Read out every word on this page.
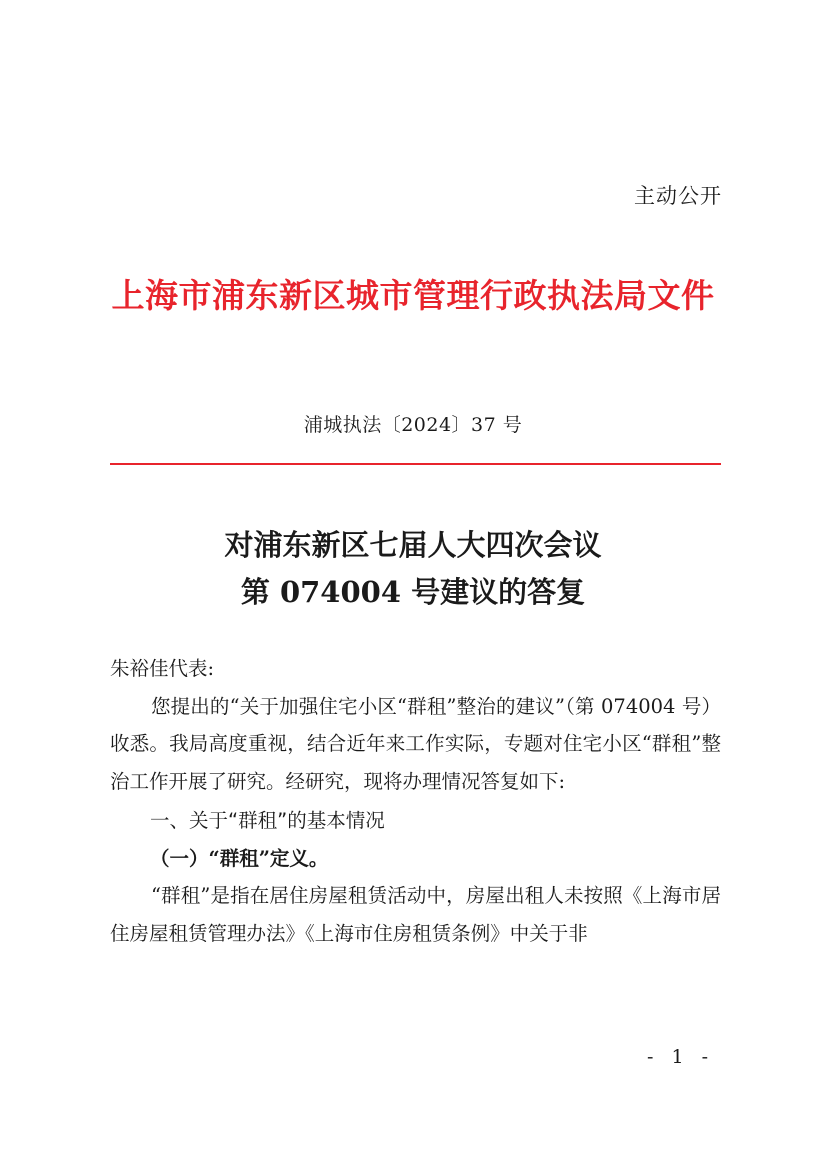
主动公开
上海市浦东新区城市管理行政执法局文件
浦城执法〔2024〕37 号
对浦东新区七届人大四次会议
第 074004 号建议的答复

朱裕佳代表:

您提出的“关于加强住宅小区“群租”整治的建议”（第 074004 号）收悉。我局高度重视，结合近年来工作实际，专题对住宅小区“群租”整治工作开展了研究。经研究，现将办理情况答复如下:

一、关于“群租”的基本情况

（一）“群租”定义。

“群租”是指在居住房屋租赁活动中，房屋出租人未按照《上海市居住房屋租赁管理办法》《上海市住房租赁条例》中关于非

- 1 -
